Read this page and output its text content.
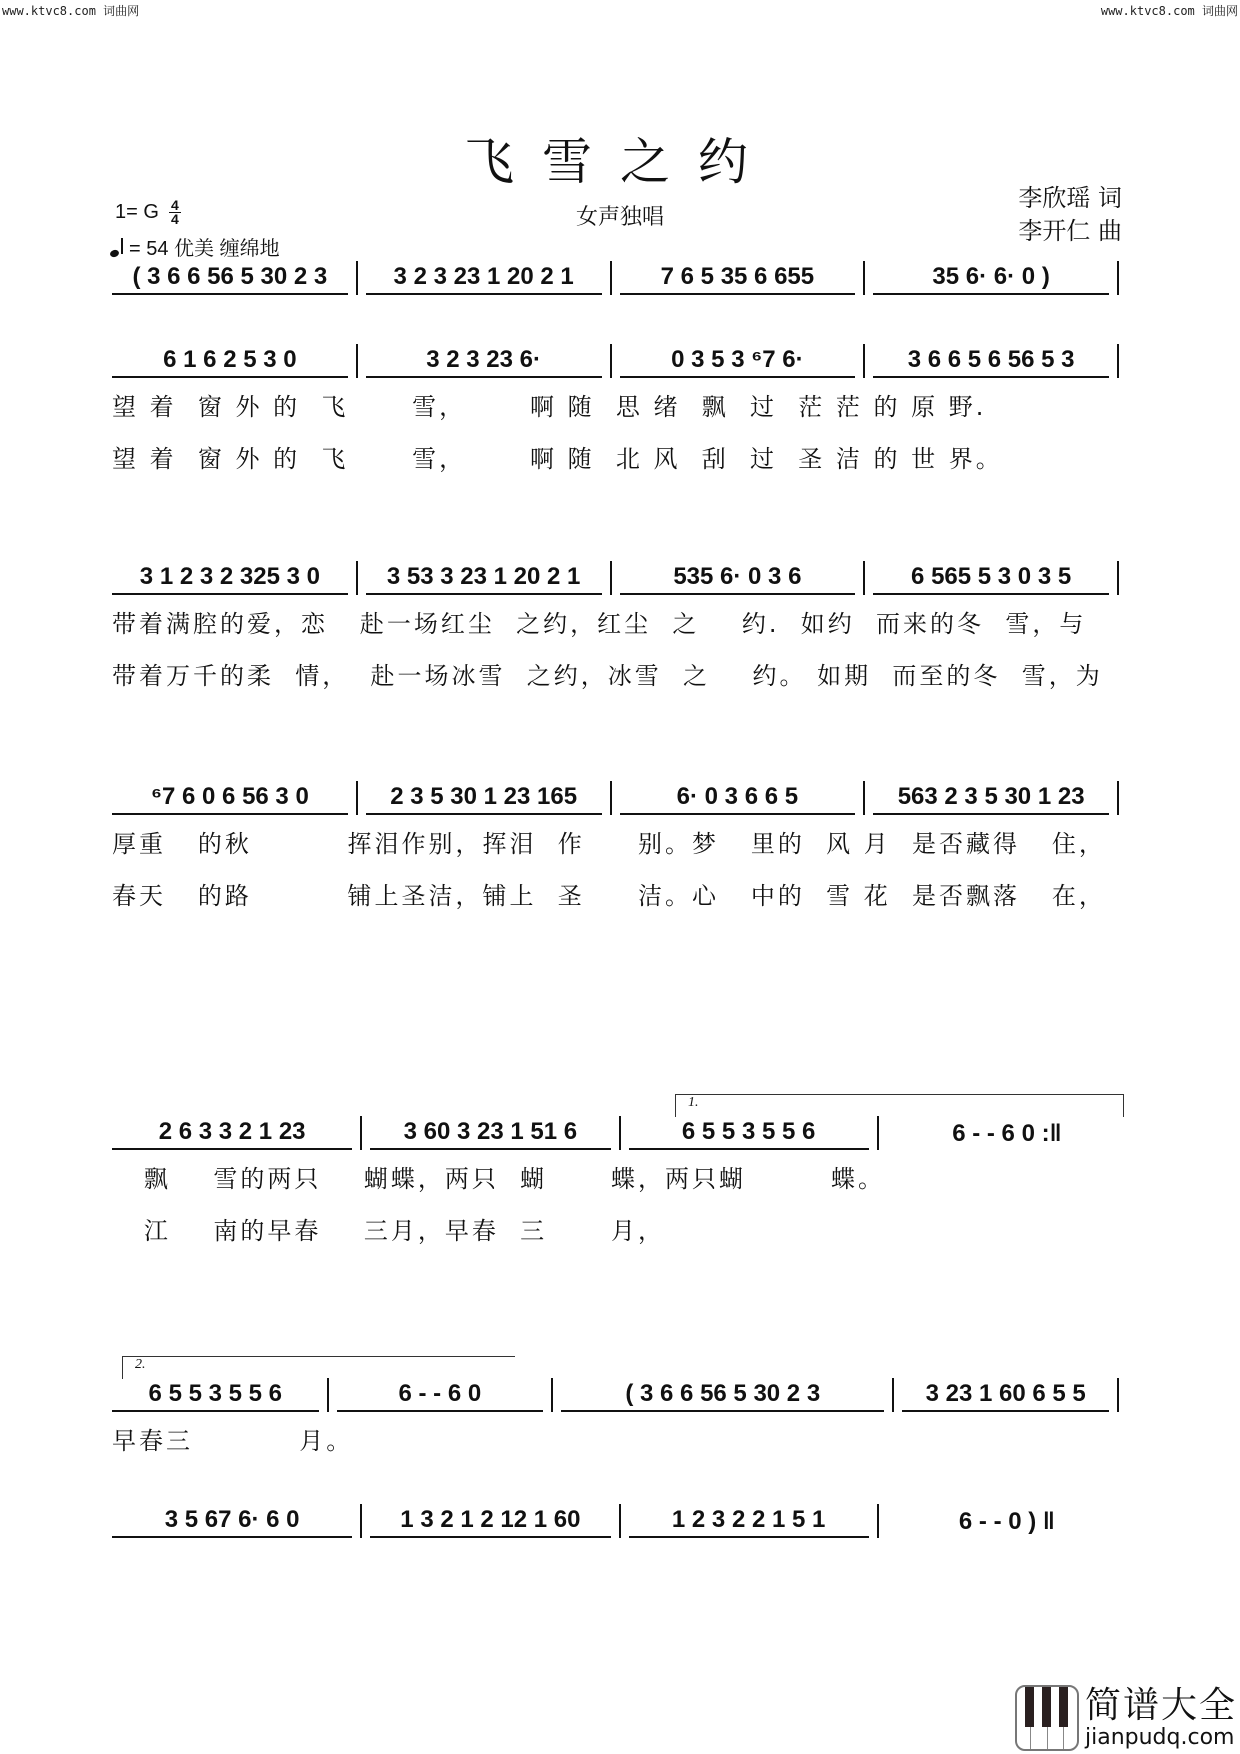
www.ktvc8.com 词曲网	www.ktvc8.com 词曲网
飞雪之约
1= G $\frac{4}{4}$
= 54 优美 缠绵地
女声独唱
李欣瑶 词
李开仁 曲
( 3 6 6 56 5 30 2 3	3 2 3 23 1 20 2 1	7 6 5 35 6 655	35 6· 6· 0 )
6 1 6 2 5 3 0	3 2 3 23 6·	0 3 5 3 ⁶7 6·	3 6 6 5 6 56 5 3
望 着  窗 外 的  飞      雪，      啊 随  思 绪  飘  过  茫 茫 的 原 野.
望 着  窗 外 的  飞      雪，      啊 随  北 风  刮  过  圣 洁 的 世 界。
3 1 2 3 2 325 3 0	3 53 3 23 1 20 2 1	535 6· 0 3 6	6 565 5 3 0 3 5
带着满腔的爱，恋   赴一场红尘  之约，红尘  之    约.  如约  而来的冬  雪，与
带着万千的柔  情，  赴一场冰雪  之约，冰雪  之    约。 如期  而至的冬  雪，为
⁶7 6 0 6 56 3 0	2 3 5 30 1 23 165	6· 0 3 6 6 5	563 2 3 5 30 1 23
厚重   的秋         挥泪作别，挥泪  作     别。梦   里的  风 月  是否藏得   住，
春天   的路         铺上圣洁，铺上  圣     洁。心   中的  雪 花  是否飘落   在，
1.
2 6 3 3 2 1 23	3 60 3 23 1 51 6	6 5 5 3 5 5 6	6 - - 6 0 :‖
飘    雪的两只    蝴蝶，两只  蝴      蝶，两只蝴        蝶。
江    南的早春    三月，早春  三      月，
2.
6 5 5 3 5 5 6	6 - - 6 0	( 3 6 6 56 5 30 2 3	3 23 1 60 6 5 5
早春三          月。
3 5 67 6· 6 0	1 3 2 1 2 12 1 60	1 2 3 2 2 1 5 1	6 - - 0 ) ‖
简谱大全
jianpudq.com
